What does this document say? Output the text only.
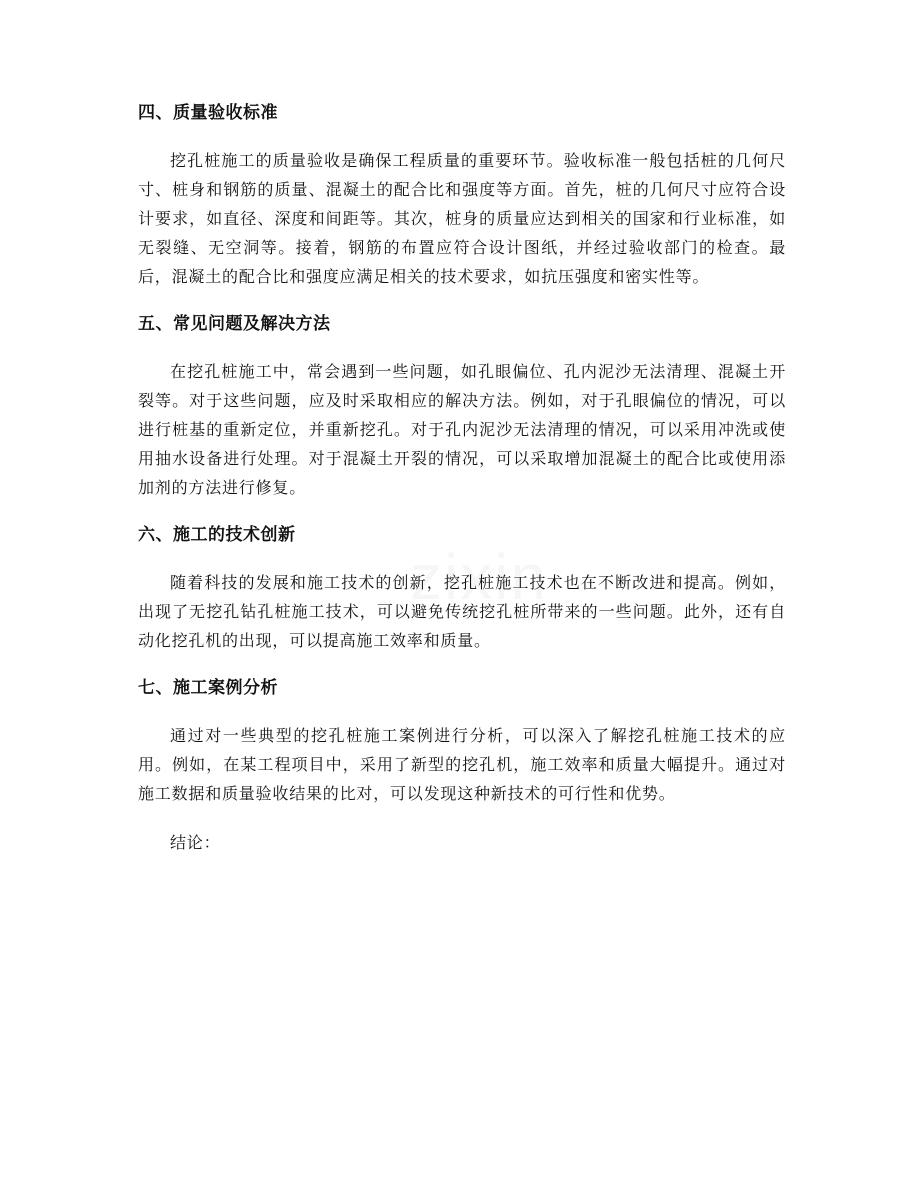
四、质量验收标准
挖孔桩施工的质量验收是确保工程质量的重要环节。验收标准一般包括桩的几何尺寸、桩身和钢筋的质量、混凝土的配合比和强度等方面。首先，桩的几何尺寸应符合设计要求，如直径、深度和间距等。其次，桩身的质量应达到相关的国家和行业标准，如无裂缝、无空洞等。接着，钢筋的布置应符合设计图纸，并经过验收部门的检查。最后，混凝土的配合比和强度应满足相关的技术要求，如抗压强度和密实性等。
五、常见问题及解决方法
在挖孔桩施工中，常会遇到一些问题，如孔眼偏位、孔内泥沙无法清理、混凝土开裂等。对于这些问题，应及时采取相应的解决方法。例如，对于孔眼偏位的情况，可以进行桩基的重新定位，并重新挖孔。对于孔内泥沙无法清理的情况，可以采用冲洗或使用抽水设备进行处理。对于混凝土开裂的情况，可以采取增加混凝土的配合比或使用添加剂的方法进行修复。
六、施工的技术创新
随着科技的发展和施工技术的创新，挖孔桩施工技术也在不断改进和提高。例如，出现了无挖孔钻孔桩施工技术，可以避免传统挖孔桩所带来的一些问题。此外，还有自动化挖孔机的出现，可以提高施工效率和质量。
七、施工案例分析
通过对一些典型的挖孔桩施工案例进行分析，可以深入了解挖孔桩施工技术的应用。例如，在某工程项目中，采用了新型的挖孔机，施工效率和质量大幅提升。通过对施工数据和质量验收结果的比对，可以发现这种新技术的可行性和优势。
结论：
